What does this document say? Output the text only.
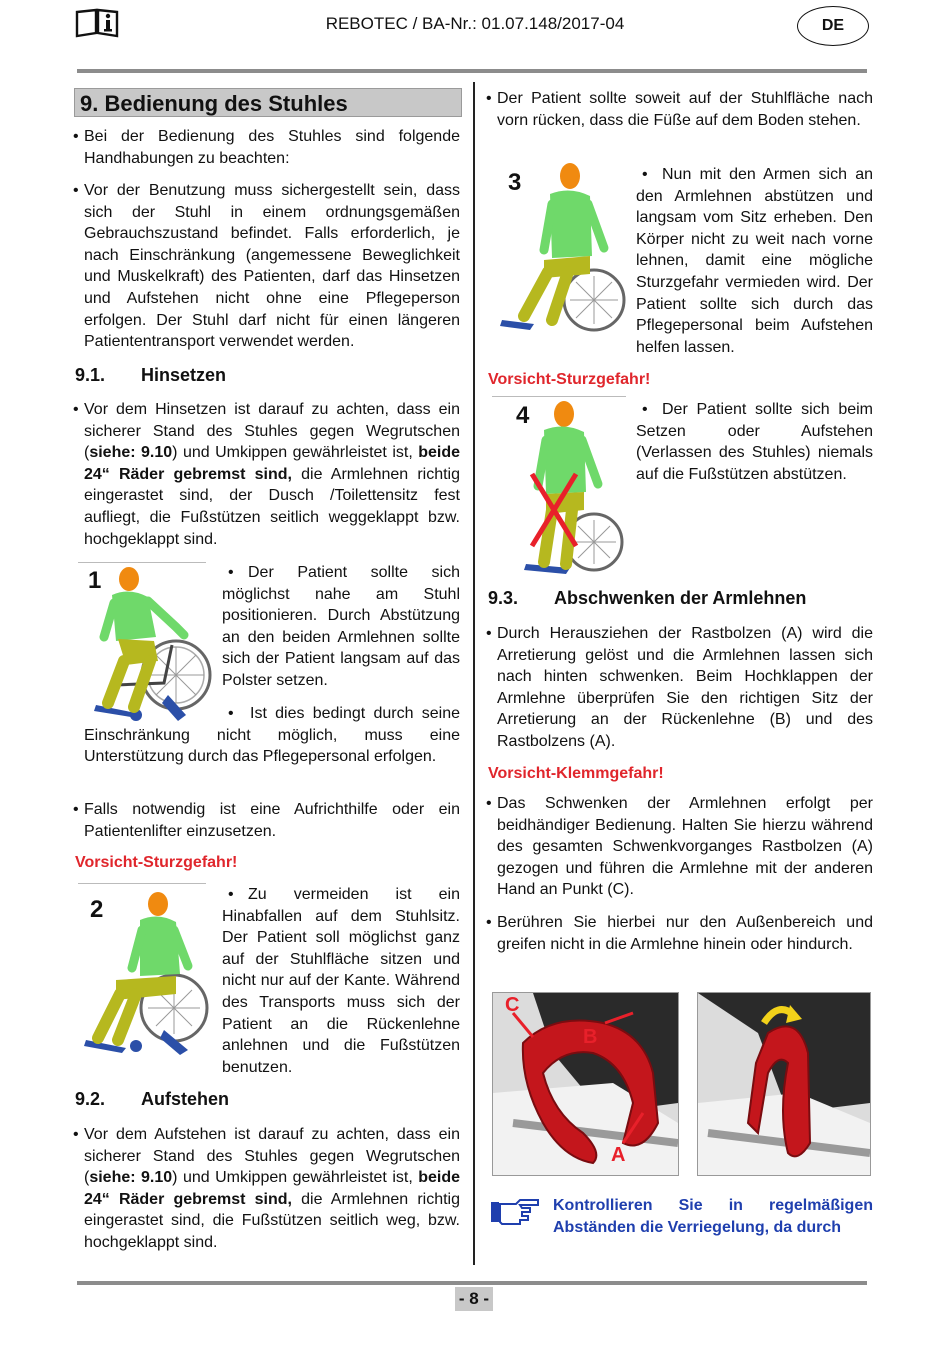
REBOTEC / BA-Nr.: 01.07.148/2017-04	DE
9. Bedienung des Stuhles
• Bei der Bedienung des Stuhles sind folgende Handhabungen zu beachten:
• Vor der Benutzung muss sichergestellt sein, dass sich der Stuhl in einem ordnungsgemäßen Gebrauchszustand befindet. Falls erforderlich, je nach Einschränkung (angemessene Beweglichkeit und Muskelkraft) des Patienten, darf das Hinsetzen und Aufstehen nicht ohne eine Pflegeperson erfolgen. Der Stuhl darf nicht für einen längeren Patiententransport verwendet werden.
9.1. Hinsetzen
• Vor dem Hinsetzen ist darauf zu achten, dass ein sicherer Stand des Stuhles gegen Wegrutschen (siehe: 9.10) und Umkippen gewährleistet ist, beide 24“ Räder gebremst sind, die Armlehnen richtig eingerastet sind, der Dusch /Toilettensitz fest aufliegt, die Fußstützen seitlich weggeklappt bzw. hochgeklappt sind.
1	• Der Patient sollte sich möglichst nahe am Stuhl positionieren. Durch Abstützung an den beiden Armlehnen sollte sich der Patient langsam auf das Polster setzen.
•	Ist dies bedingt durch seine Einschränkung nicht möglich, muss eine Unterstützung durch das Pflegepersonal erfolgen.
• Falls notwendig ist eine Aufrichthilfe oder ein Patientenlifter einzusetzen.
Vorsicht-Sturzgefahr!
2
• Zu vermeiden ist ein Hinabfallen auf dem Stuhlsitz. Der Patient soll möglichst ganz auf der Stuhlfläche sitzen und nicht nur auf der Kante. Während des Transports muss sich der Patient an die Rückenlehne anlehnen und die Fußstützen benutzen.
9.2. Aufstehen
• Vor dem Aufstehen ist darauf zu achten, dass ein sicherer Stand des Stuhles gegen Wegrutschen (siehe: 9.10) und Umkippen gewährleistet ist, beide 24“ Räder gebremst sind, die Armlehnen richtig eingerastet sind, die Fußstützen seitlich weg, bzw. hochgeklappt sind.
• Der Patient sollte soweit auf der Stuhlfläche nach vorn rücken, dass die Füße auf dem Boden stehen.
3	• Nun mit den Armen sich an den Armlehnen abstützen und langsam vom Sitz erheben. Den Körper nicht zu weit nach vorne lehnen, damit eine mögliche Sturzgefahr vermieden wird. Der Patient sollte sich durch das Pflegepersonal beim Aufstehen helfen lassen.
Vorsicht-Sturzgefahr!
4	• Der Patient sollte sich beim Setzen oder Aufstehen (Verlassen des Stuhles) niemals auf die Fußstützen abstützen.
9.3. Abschwenken der Armlehnen
• Durch Herausziehen der Rastbolzen (A) wird die Arretierung gelöst und die Armlehnen lassen sich nach hinten schwenken. Beim Hochklappen der Armlehne überprüfen Sie den richtigen Sitz der Arretierung an der Rückenlehne (B) und des Rastbolzens (A).
Vorsicht-Klemmgefahr!
• Das Schwenken der Armlehnen erfolgt per beidhändiger Bedienung. Halten Sie hierzu während des gesamten Schwenkvorganges Rastbolzen (A) gezogen und führen die Armlehne mit der anderen Hand an Punkt (C).
• Berühren Sie hierbei nur den Außenbereich und greifen nicht in die Armlehne hinein oder hindurch.
C
B
A
Kontrollieren Sie in regelmäßigen Abständen die Verriegelung, da durch
- 8 -
